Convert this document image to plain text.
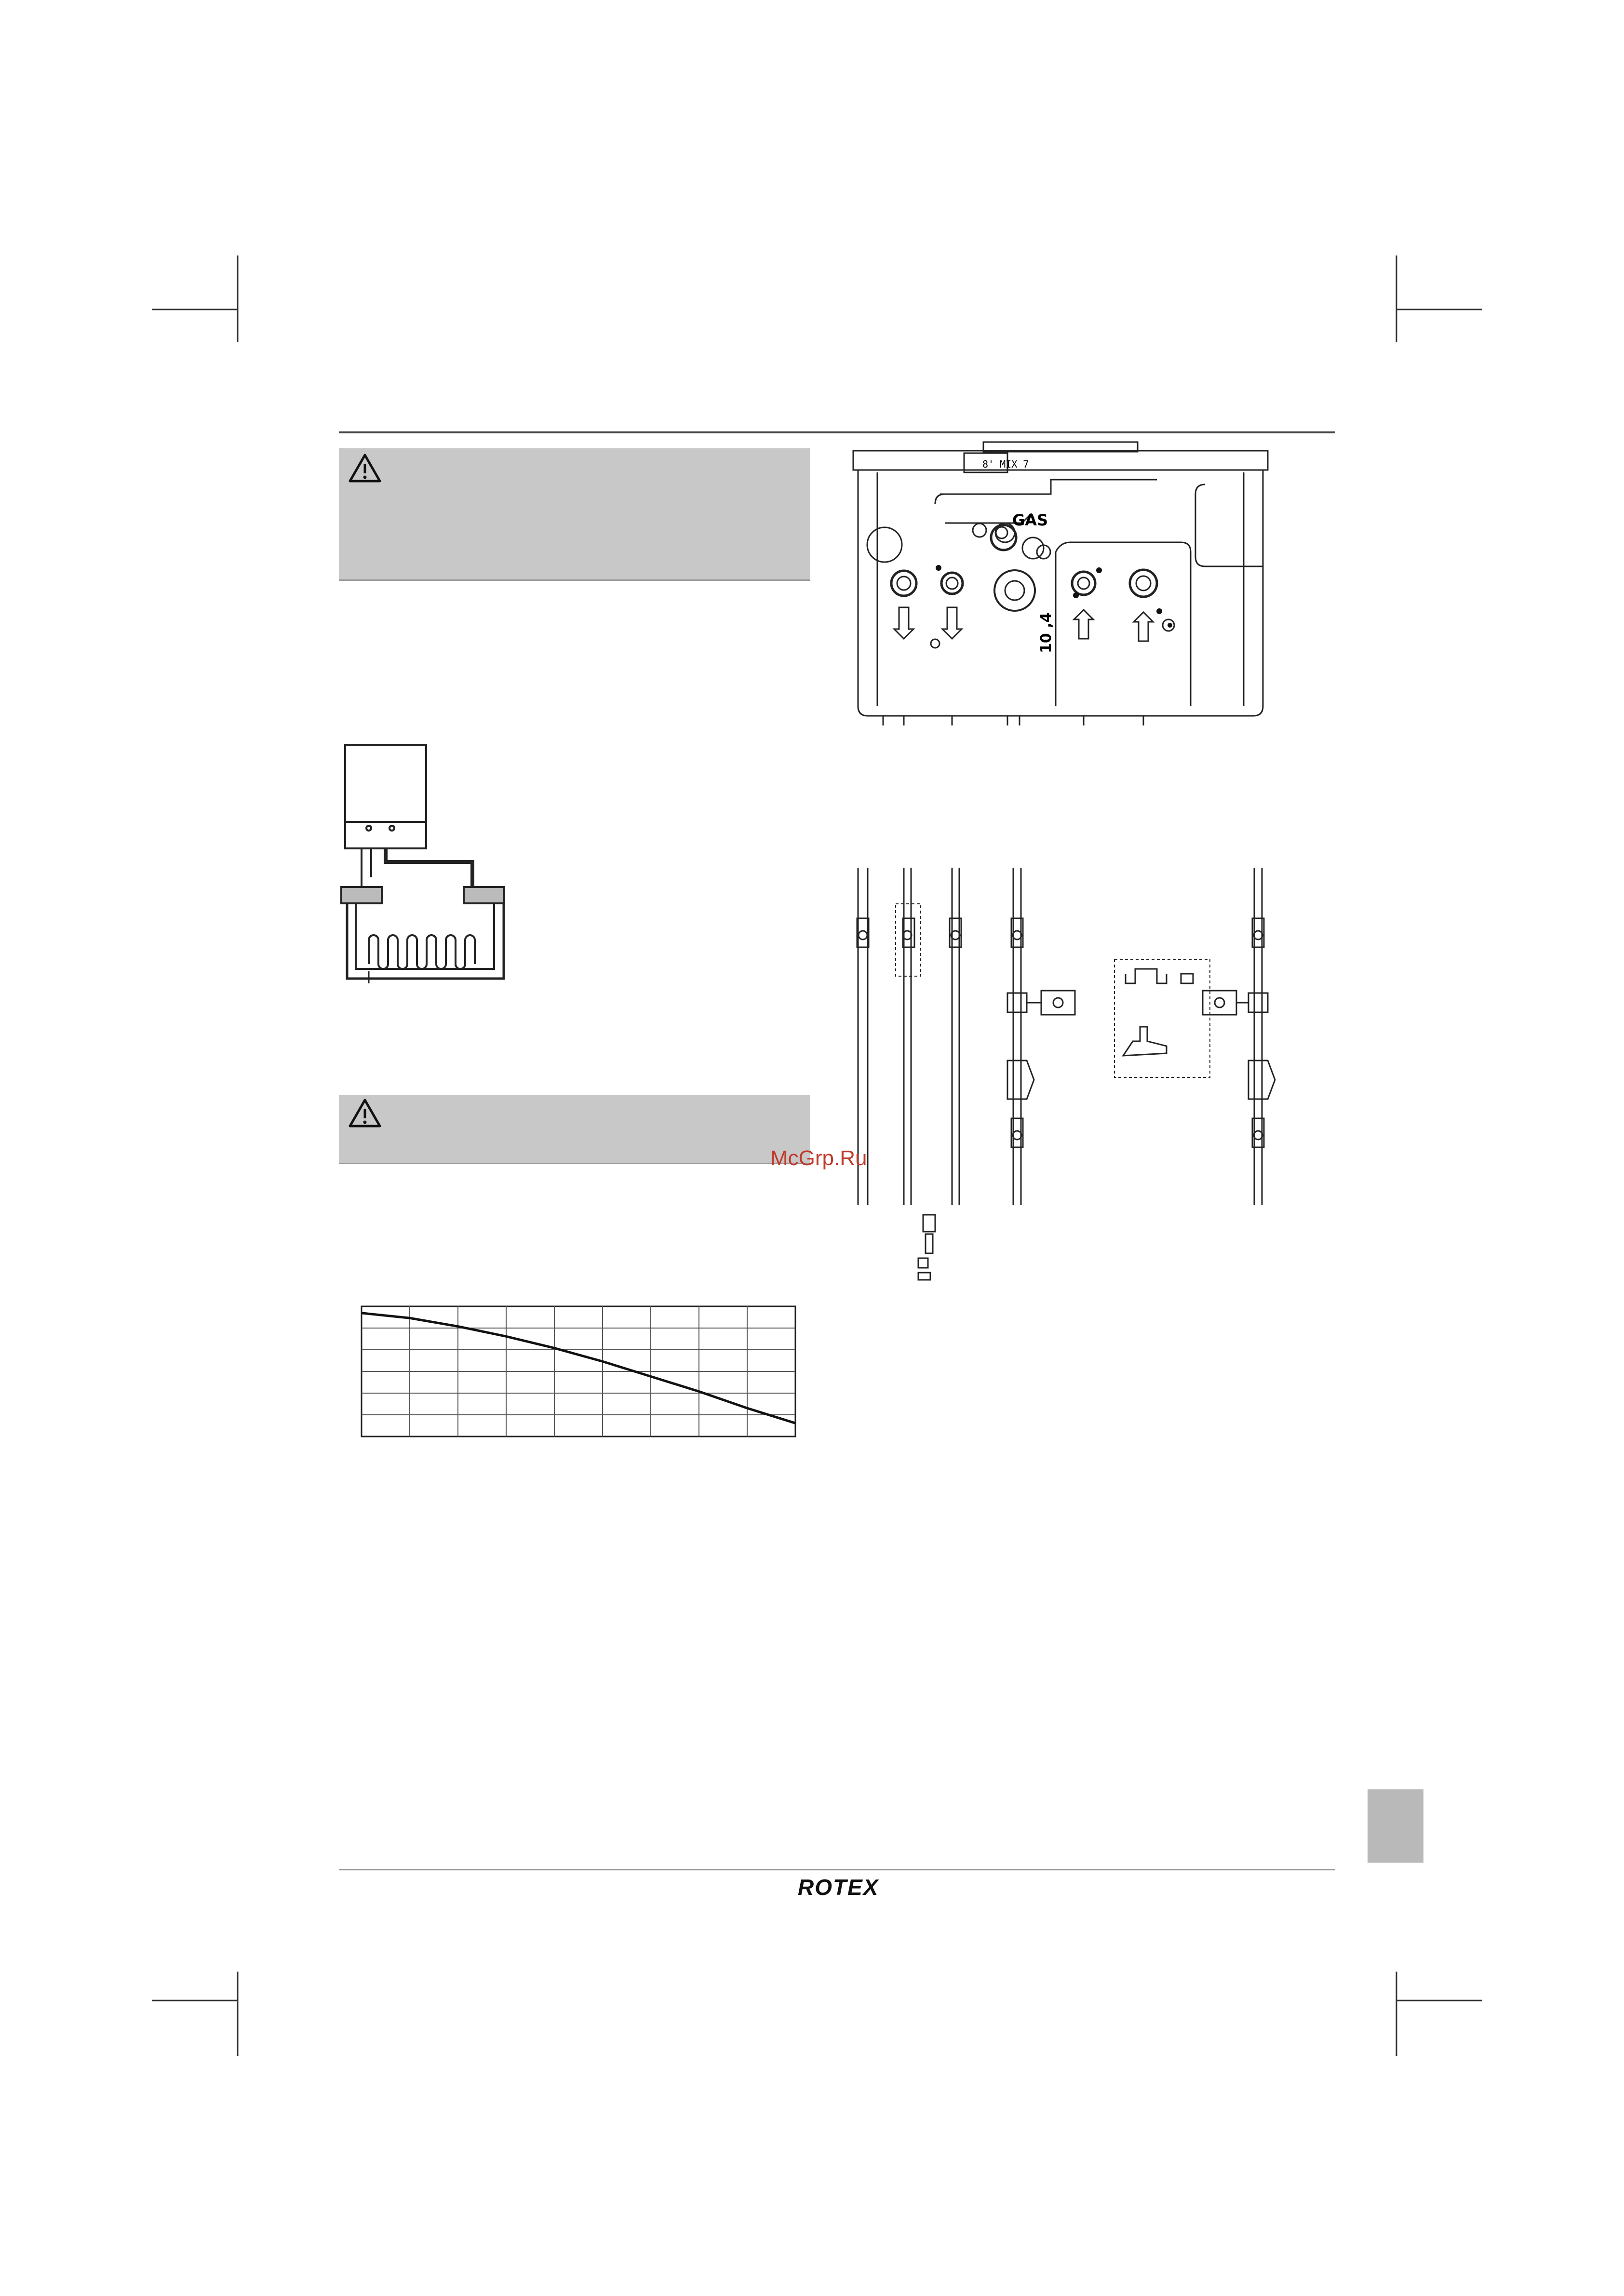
8' MIX 7
GAS
10 ,4
McGrp.Ru
ROTEX
